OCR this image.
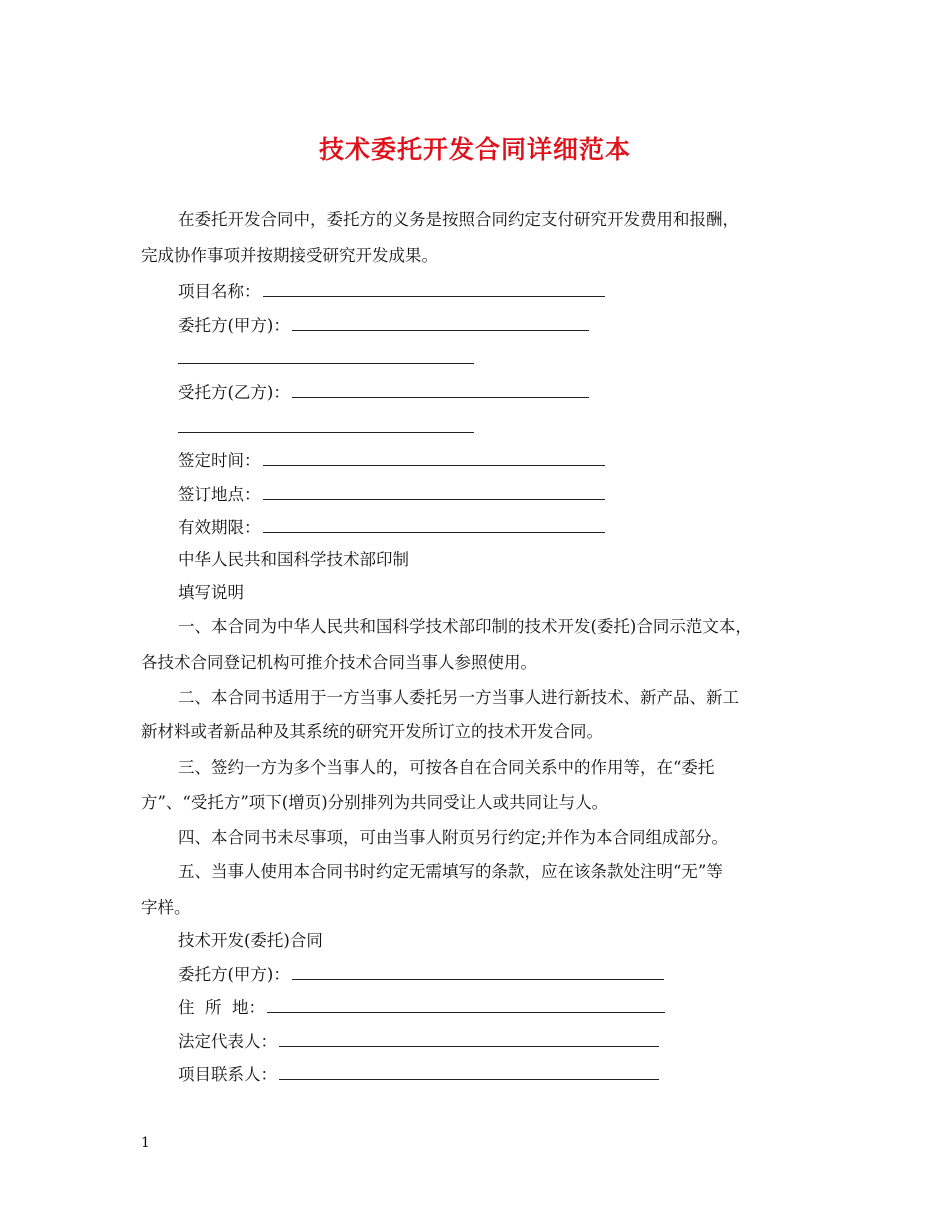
技术委托开发合同详细范本
在委托开发合同中，委托方的义务是按照合同约定支付研究开发费用和报酬，
完成协作事项并按期接受研究开发成果。
项目名称：
委托方(甲方)：
受托方(乙方)：
签定时间：
签订地点：
有效期限：
中华人民共和国科学技术部印制
填写说明
一、本合同为中华人民共和国科学技术部印制的技术开发(委托)合同示范文本，
各技术合同登记机构可推介技术合同当事人参照使用。
二、本合同书适用于一方当事人委托另一方当事人进行新技术、新产品、新工
新材料或者新品种及其系统的研究开发所订立的技术开发合同。
三、签约一方为多个当事人的，可按各自在合同关系中的作用等，在“委托
方”、“受托方”项下(增页)分别排列为共同受让人或共同让与人。
四、本合同书未尽事项，可由当事人附页另行约定;并作为本合同组成部分。
五、当事人使用本合同书时约定无需填写的条款，应在该条款处注明“无”等
字样。
技术开发(委托)合同
委托方(甲方)：
住  所  地：
法定代表人：
项目联系人：
1
